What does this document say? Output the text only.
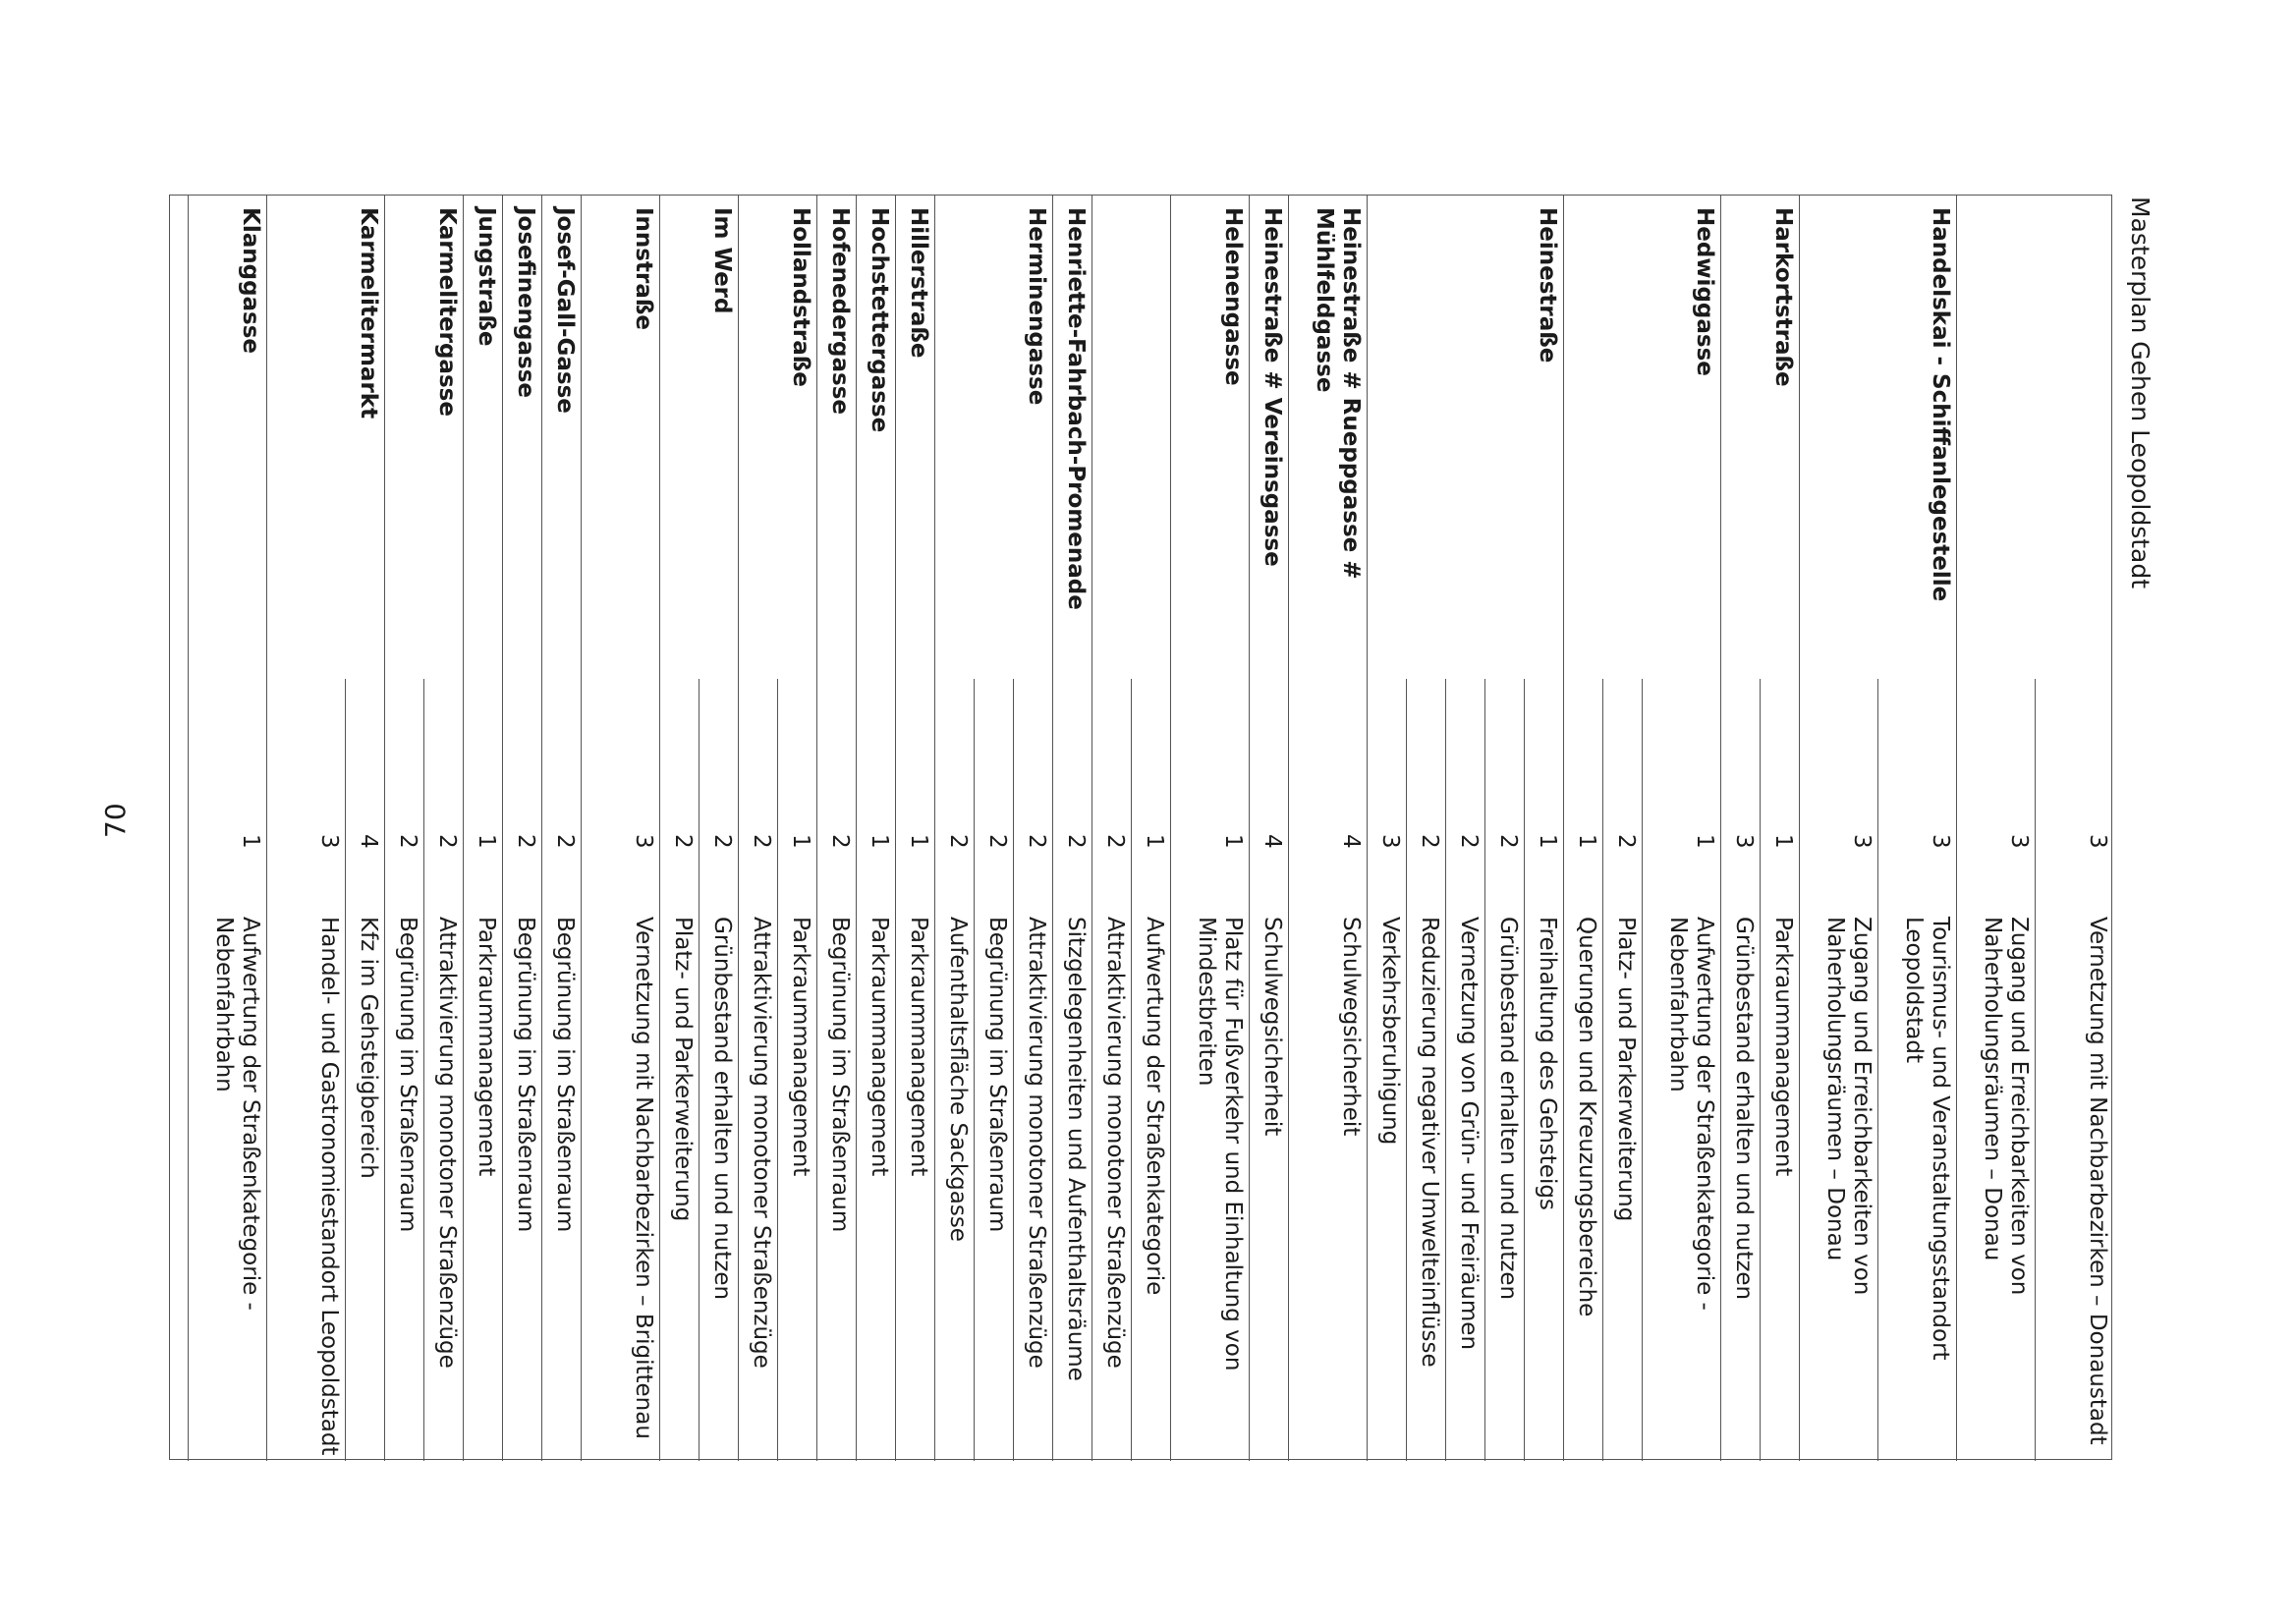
Masterplan Gehen Leopoldstadt
70
3
Vernetzung mit Nachbarbezirken – Donaustadt
3
Zugang und Erreichbarkeiten von Naherholungsräumen – Donau
Handelskai - Schiffanlegestelle
3
Tourismus- und Veranstaltungsstandort Leopoldstadt
3
Zugang und Erreichbarkeiten von Naherholungsräumen – Donau
Harkortstraße
1
Parkraummanagement
3
Grünbestand erhalten und nutzen
Hedwiggasse
1
Aufwertung der Straßenkategorie - Nebenfahrbahn
2
Platz- und Parkerweiterung
1
Querungen und Kreuzungsbereiche
Heinestraße
1
Freihaltung des Gehsteigs
2
Grünbestand erhalten und nutzen
2
Vernetzung von Grün- und Freiräumen
2
Reduzierung negativer Umwelteinflüsse
3
Verkehrsberuhigung
Heinestraße # Rueppgasse # Mühlfeldgasse
4
Schulwegsicherheit
Heinestraße # Vereinsgasse
4
Schulwegsicherheit
Helenengasse
1
Platz für Fußverkehr und Einhaltung von Mindestbreiten
1
Aufwertung der Straßenkategorie
2
Attraktivierung monotoner Straßenzüge
Henriette-Fahrbach-Promenade
2
Sitzgelegenheiten und Aufenthaltsräume
Herminengasse
2
Attraktivierung monotoner Straßenzüge
2
Begrünung im Straßenraum
2
Aufenthaltsfläche Sackgasse
Hillerstraße
1
Parkraummanagement
Hochstettergasse
1
Parkraummanagement
Hofenedergasse
2
Begrünung im Straßenraum
Hollandstraße
1
Parkraummanagement
2
Attraktivierung monotoner Straßenzüge
Im Werd
2
Grünbestand erhalten und nutzen
2
Platz- und Parkerweiterung
Innstraße
3
Vernetzung mit Nachbarbezirken – Brigittenau
Josef-Gall-Gasse
2
Begrünung im Straßenraum
Josefinengasse
2
Begrünung im Straßenraum
Jungstraße
1
Parkraummanagement
Karmelitergasse
2
Attraktivierung monotoner Straßenzüge
2
Begrünung im Straßenraum
Karmelitermarkt
4
Kfz im Gehsteigbereich
3
Handel- und Gastronomiestandort Leopoldstadt
Klanggasse
1
Aufwertung der Straßenkategorie - Nebenfahrbahn
